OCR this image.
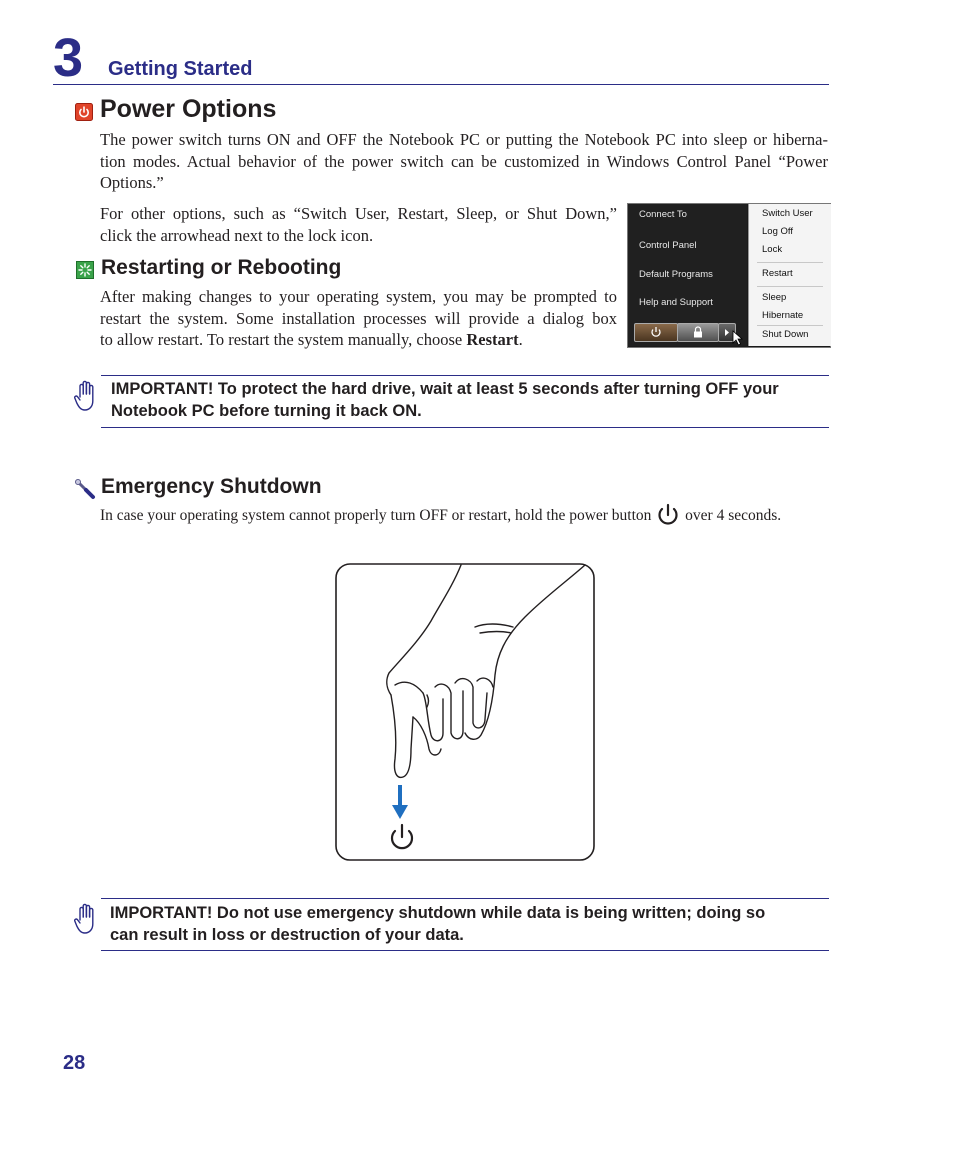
3 Getting Started
Power Options
The power switch turns ON and OFF the Notebook PC or putting the Notebook PC into sleep or hiberna-
tion modes. Actual behavior of the power switch can be customized in Windows Control Panel “Power
Options.”
For other options, such as “Switch User, Restart, Sleep, or Shut Down,”
click the arrowhead next to the lock icon.
Restarting or Rebooting
After making changes to your operating system, you may be prompted to
restart the system. Some installation processes will provide a dialog box
to allow restart. To restart the system manually, choose Restart.
Connect To
Control Panel
Default Programs
Help and Support
Switch User
Log Off
Lock
Restart
Sleep
Hibernate
Shut Down
IMPORTANT! To protect the hard drive, wait at least 5 seconds after turning OFF your
Notebook PC before turning it back ON.
Emergency Shutdown
In case your operating system cannot properly turn OFF or restart, hold the power button over 4 seconds.
IMPORTANT! Do not use emergency shutdown while data is being written; doing so
can result in loss or destruction of your data.
28
